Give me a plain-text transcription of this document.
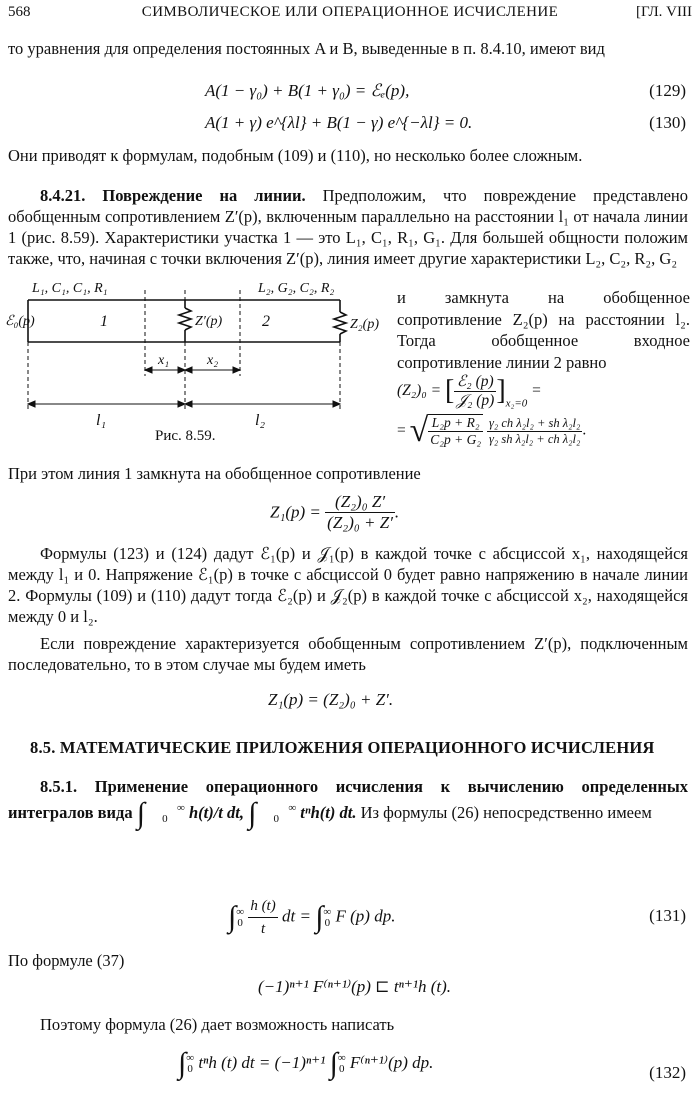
568	СИМВОЛИЧЕСКОЕ ИЛИ ОПЕРАЦИОННОЕ ИСЧИСЛЕНИЕ	[ГЛ. VIII
то уравнения для определения постоянных A и B, выведенные в п. 8.4.10, имеют вид
A(1 − γ₀) + B(1 + γ₀) = ℰₑ(p),	(129)
A(1 + γ) e^{λl} + B(1 − γ) e^{−λl} = 0.	(130)
Они приводят к формулам, подобным (109) и (110), но несколько более сложным.
8.4.21. Повреждение на линии. Предположим, что повреждение представлено обобщенным сопротивлением Z′(p), включенным параллельно на расстоянии l₁ от начала линии 1 (рис. 8.59). Характеристики участка 1 — это L₁, C₁, R₁, G₁. Для большей общности положим также, что, начиная с точки включения Z′(p), линия имеет другие характеристики L₂, C₂, R₂, G₂
L₁, C₁, C₁, R₁	L₂, G₂, C₂, R₂
ℰ₀(p)	1	2
Z′(p)	Z₂(p)
x₁	x₂
l₁	l₂
Рис. 8.59.
и замкнута на обобщенное сопротивление Z₂(p) на расстоянии l₂. Тогда обобщенное входное сопротивление линии 2 равно
(Z₂)₀ = [ $\frac{\text{ℰ₂ (p)}}{\text{𝒥₂ (p)}} ]_{x_2=0}$ =
= √ $\frac{\text{L₂p + R₂}}{\text{C₂p + G₂}}$
$\frac{\text{γ₂ ch λ₂l₂ + sh λ₂l₂}}{\text{γ₂ sh λ₂l₂ + ch λ₂l₂}}$ .
При этом линия 1 замкнута на обобщенное сопротивление
$Z_1(p) = \frac{\text{(Z₂)₀ Z′}}{\text{(Z₂)₀ + Z′}}$ .
Формулы (123) и (124) дадут ℰ₁(p) и 𝒥₁(p) в каждой точке с абсциссой x₁, находящейся между l₁ и 0. Напряжение ℰ₁(p) в точке с абсциссой 0 будет равно напряжению в начале линии 2. Формулы (109) и (110) дадут тогда ℰ₂(p) и 𝒥₂(p) в каждой точке с абсциссой x₂, находящейся между 0 и l₂.
Если повреждение характеризуется обобщенным сопротивлением Z′(p), подключенным последовательно, то в этом случае мы будем иметь
Z₁(p) = (Z₂)₀ + Z′.
8.5. МАТЕМАТИЧЕСКИЕ ПРИЛОЖЕНИЯ ОПЕРАЦИОННОГО ИСЧИСЛЕНИЯ
8.5.1. Применение операционного исчисления к вычислению определенных интегралов вида ∫	∞
0 h(t)/t dt, ∫	∞
0 tⁿh(t) dt. Из формулы (26) непосредственно имеем
∫∞
$0 \frac{h (t)}{t}$ dt = ∫∞
0 F (p) dp.	(131)
По формуле (37)
(−1)ⁿ⁺¹ F⁽ⁿ⁺¹⁾(p) ⊏ tⁿ⁺¹h (t).
Поэтому формула (26) дает возможность написать
∫∞
0 tⁿh (t) dt = (−1)ⁿ⁺¹ ∫∞
0 F⁽ⁿ⁺¹⁾(p) dp.
(132)
